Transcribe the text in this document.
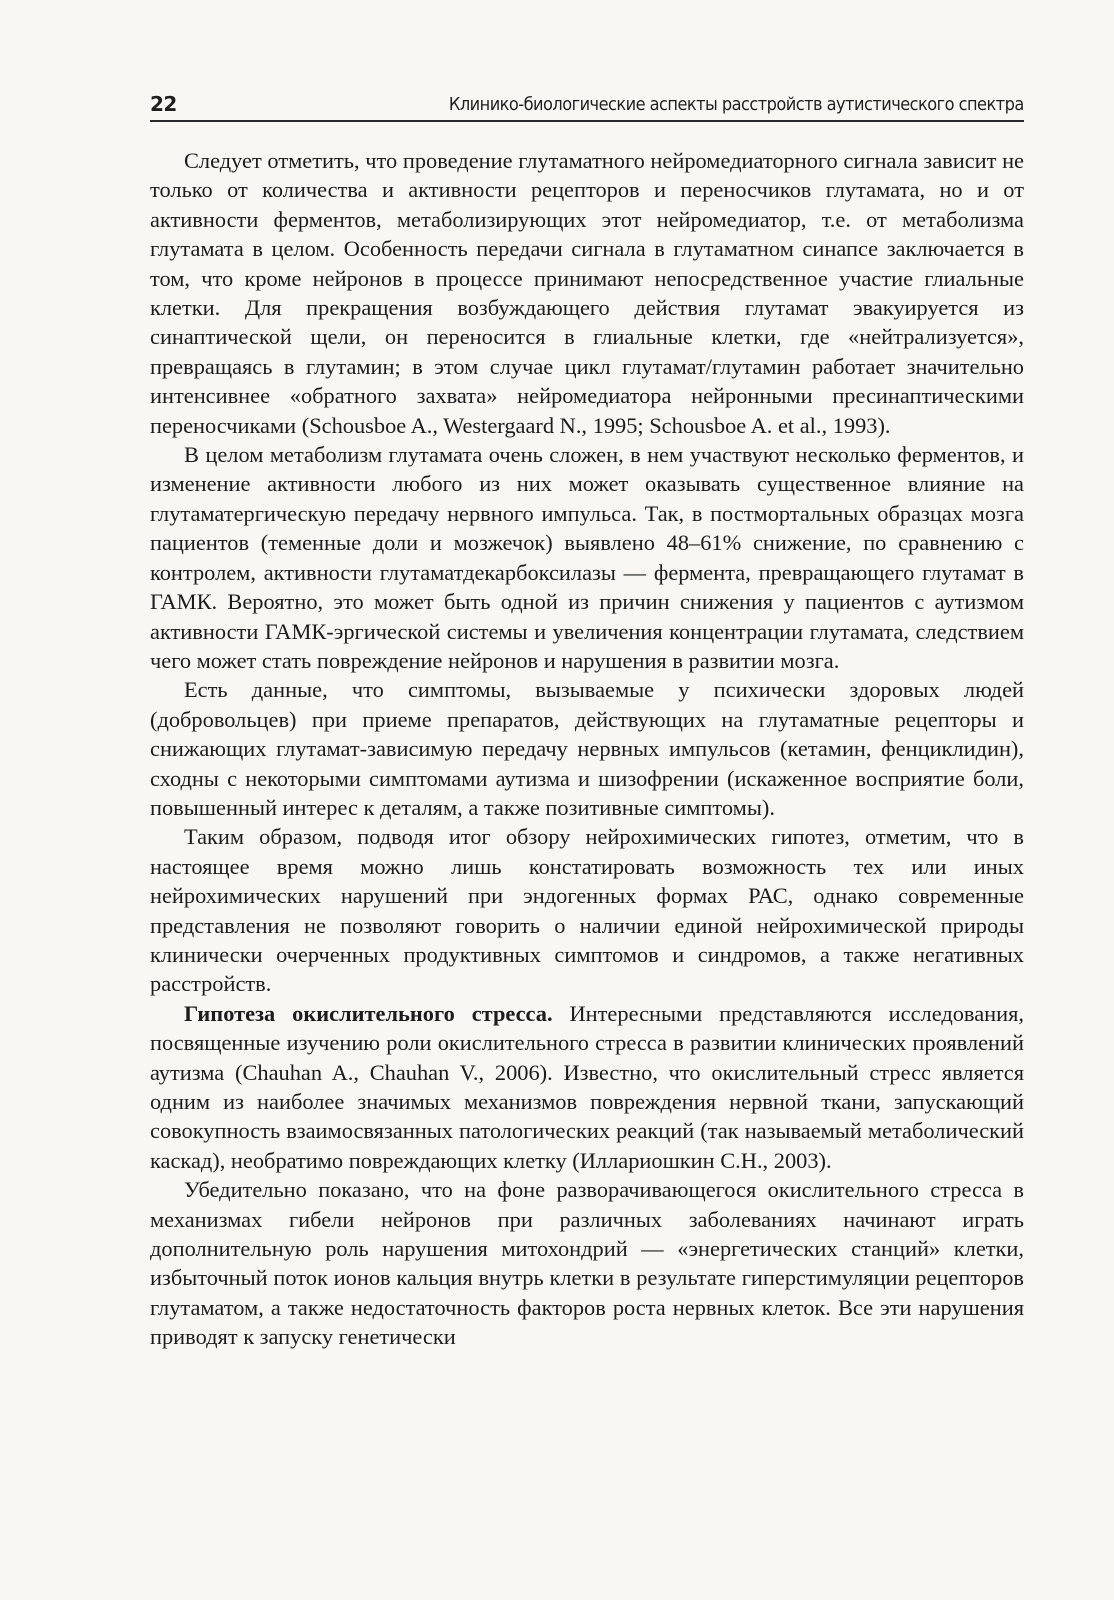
22	Клинико-биологические аспекты расстройств аутистического спектра

Следует отметить, что проведение глутаматного нейромедиаторного сигнала зависит не только от количества и активности рецепторов и переносчиков глутамата, но и от активности ферментов, метаболизирующих этот нейромедиатор, т.е. от метаболизма глутамата в целом. Особенность передачи сигнала в глутаматном синапсе заключается в том, что кроме нейронов в процессе принимают непосредственное участие глиальные клетки. Для прекращения возбуждающего действия глутамат эвакуируется из синаптической щели, он переносится в глиальные клетки, где «нейтрализуется», превращаясь в глутамин; в этом случае цикл глутамат/глутамин работает значительно интенсивнее «обратного захвата» нейромедиатора нейронными пресинаптическими переносчиками (Schousboe A., Westergaard N., 1995; Schousboe A. et al., 1993).

В целом метаболизм глутамата очень сложен, в нем участвуют несколько ферментов, и изменение активности любого из них может оказывать существенное влияние на глутаматергическую передачу нервного импульса. Так, в постмортальных образцах мозга пациентов (теменные доли и мозжечок) выявлено 48–61% снижение, по сравнению с контролем, активности глутаматдекарбоксилазы — фермента, превращающего глутамат в ГАМК. Вероятно, это может быть одной из причин снижения у пациентов с аутизмом активности ГАМК-эргической системы и увеличения концентрации глутамата, следствием чего может стать повреждение нейронов и нарушения в развитии мозга.

Есть данные, что симптомы, вызываемые у психически здоровых людей (добровольцев) при приеме препаратов, действующих на глутаматные рецепторы и снижающих глутамат-зависимую передачу нервных импульсов (кетамин, фенциклидин), сходны с некоторыми симптомами аутизма и шизофрении (искаженное восприятие боли, повышенный интерес к деталям, а также позитивные симптомы).

Таким образом, подводя итог обзору нейрохимических гипотез, отметим, что в настоящее время можно лишь констатировать возможность тех или иных нейрохимических нарушений при эндогенных формах РАС, однако современные представления не позволяют говорить о наличии единой нейрохимической природы клинически очерченных продуктивных симптомов и синдромов, а также негативных расстройств.

Гипотеза окислительного стресса. Интересными представляются исследования, посвященные изучению роли окислительного стресса в развитии клинических проявлений аутизма (Chauhan A., Chauhan V., 2006). Известно, что окислительный стресс является одним из наиболее значимых механизмов повреждения нервной ткани, запускающий совокупность взаимосвязанных патологических реакций (так называемый метаболический каскад), необратимо повреждающих клетку (Иллариошкин С.Н., 2003).

Убедительно показано, что на фоне разворачивающегося окислительного стресса в механизмах гибели нейронов при различных заболеваниях начинают играть дополнительную роль нарушения митохондрий — «энергетических станций» клетки, избыточный поток ионов кальция внутрь клетки в результате гиперстимуляции рецепторов глутаматом, а также недостаточность факторов роста нервных клеток. Все эти нарушения приводят к запуску генетически
